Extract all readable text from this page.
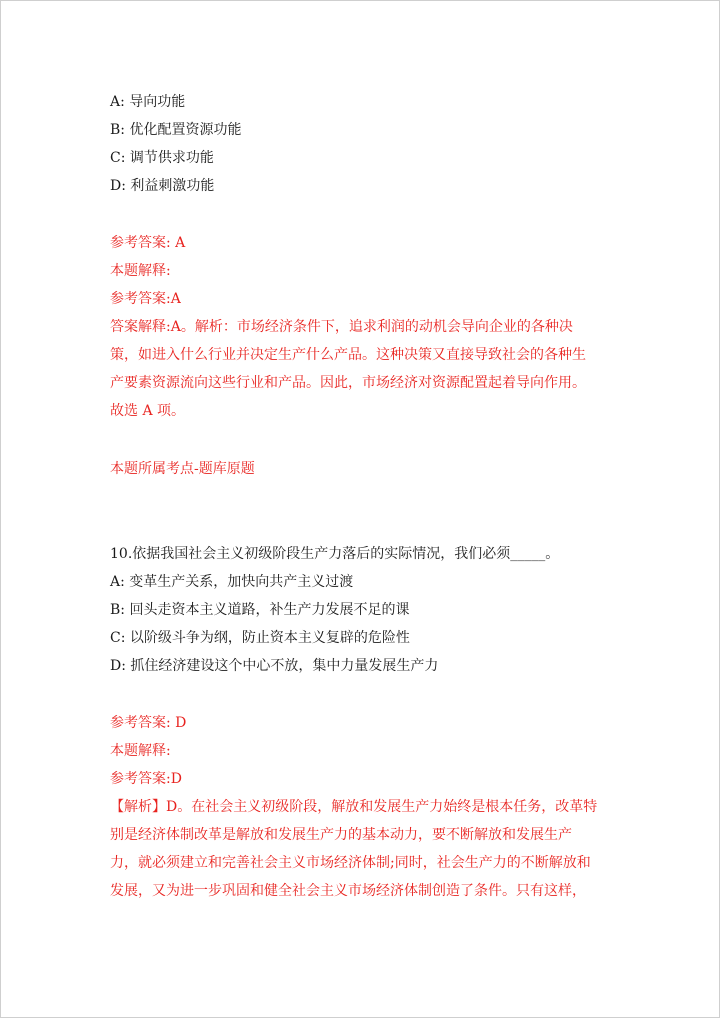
A: 导向功能
B: 优化配置资源功能
C: 调节供求功能
D: 利益刺激功能
参考答案: A
本题解释:
参考答案:A
答案解释:A。解析：市场经济条件下，追求利润的动机会导向企业的各种决
策，如进入什么行业并决定生产什么产品。这种决策又直接导致社会的各种生
产要素资源流向这些行业和产品。因此，市场经济对资源配置起着导向作用。
故选 A 项。
本题所属考点-题库原题
10.依据我国社会主义初级阶段生产力落后的实际情况，我们必须_____。
A: 变革生产关系，加快向共产主义过渡
B: 回头走资本主义道路，补生产力发展不足的课
C: 以阶级斗争为纲，防止资本主义复辟的危险性
D: 抓住经济建设这个中心不放，集中力量发展生产力
参考答案: D
本题解释:
参考答案:D
【解析】D。在社会主义初级阶段，解放和发展生产力始终是根本任务，改革特
别是经济体制改革是解放和发展生产力的基本动力，要不断解放和发展生产
力，就必须建立和完善社会主义市场经济体制;同时，社会生产力的不断解放和
发展，又为进一步巩固和健全社会主义市场经济体制创造了条件。只有这样，
